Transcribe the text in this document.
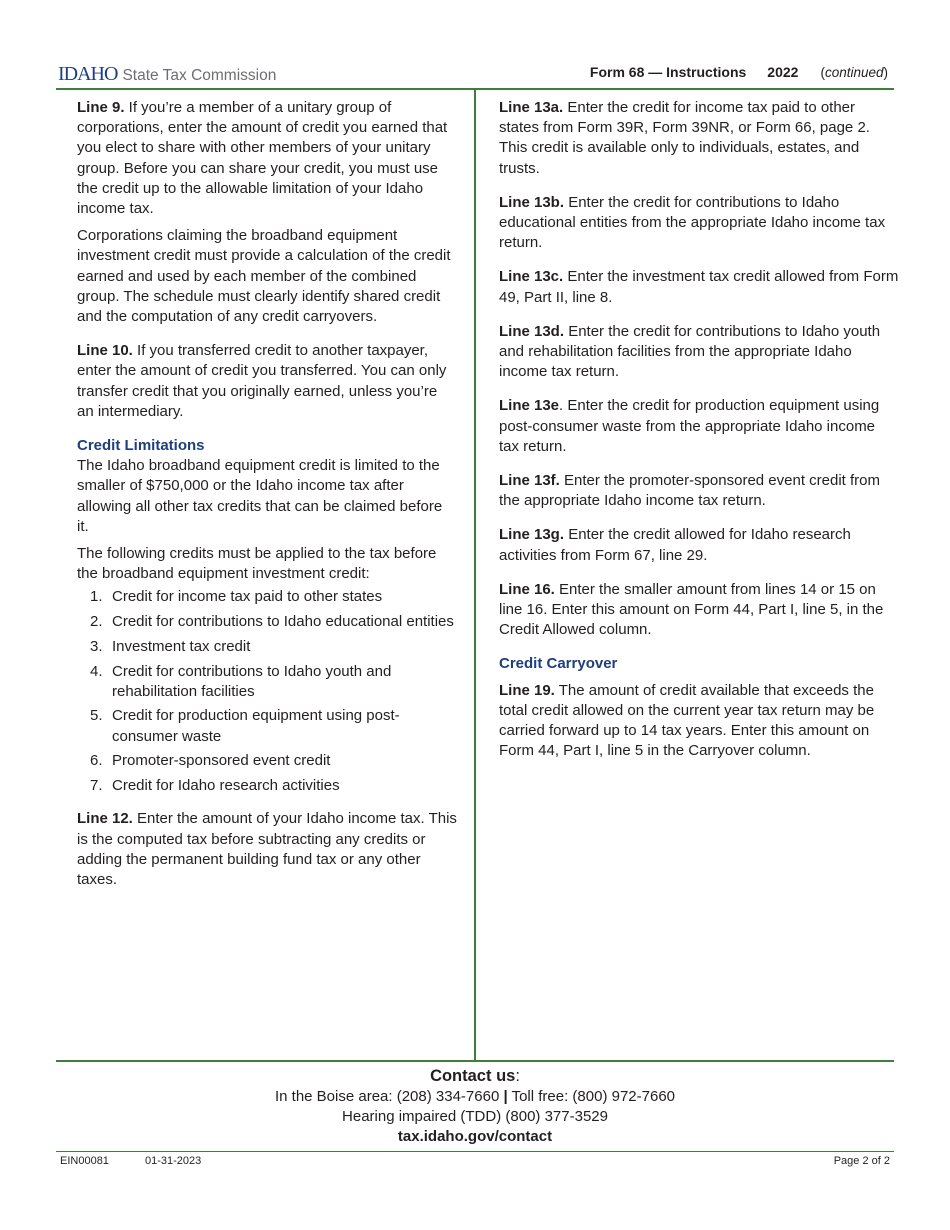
IDAHO State Tax Commission	Form 68 — Instructions 2022 (continued)

Line 9. If you’re a member of a unitary group of corporations, enter the amount of credit you earned that you elect to share with other members of your unitary group. Before you can share your credit, you must use the credit up to the allowable limitation of your Idaho income tax.

Corporations claiming the broadband equipment investment credit must provide a calculation of the credit earned and used by each member of the combined group. The schedule must clearly identify shared credit and the computation of any credit carryovers.

Line 10. If you transferred credit to another taxpayer, enter the amount of credit you transferred. You can only transfer credit that you originally earned, unless you’re an intermediary.

Credit Limitations

The Idaho broadband equipment credit is limited to the smaller of $750,000 or the Idaho income tax after allowing all other tax credits that can be claimed before it.

The following credits must be applied to the tax before the broadband equipment investment credit:

1. Credit for income tax paid to other states
2. Credit for contributions to Idaho educational entities
3. Investment tax credit
4. Credit for contributions to Idaho youth and rehabilitation facilities
5. Credit for production equipment using post-consumer waste
6. Promoter-sponsored event credit
7. Credit for Idaho research activities

Line 12. Enter the amount of your Idaho income tax. This is the computed tax before subtracting any credits or adding the permanent building fund tax or any other taxes.

Line 13a. Enter the credit for income tax paid to other states from Form 39R, Form 39NR, or Form 66, page 2. This credit is available only to individuals, estates, and trusts.

Line 13b. Enter the credit for contributions to Idaho educational entities from the appropriate Idaho income tax return.

Line 13c. Enter the investment tax credit allowed from Form 49, Part II, line 8.

Line 13d. Enter the credit for contributions to Idaho youth and rehabilitation facilities from the appropriate Idaho income tax return.

Line 13e. Enter the credit for production equipment using post-consumer waste from the appropriate Idaho income tax return.

Line 13f. Enter the promoter-sponsored event credit from the appropriate Idaho income tax return.

Line 13g. Enter the credit allowed for Idaho research activities from Form 67, line 29.

Line 16. Enter the smaller amount from lines 14 or 15 on line 16. Enter this amount on Form 44, Part I, line 5, in the Credit Allowed column.

Credit Carryover

Line 19. The amount of credit available that exceeds the total credit allowed on the current year tax return may be carried forward up to 14 tax years. Enter this amount on Form 44, Part I, line 5 in the Carryover column.

Contact us:
In the Boise area: (208) 334-7660 | Toll free: (800) 972-7660
Hearing impaired (TDD) (800) 377-3529
tax.idaho.gov/contact
EIN00081	01-31-2023	Page 2 of 2
